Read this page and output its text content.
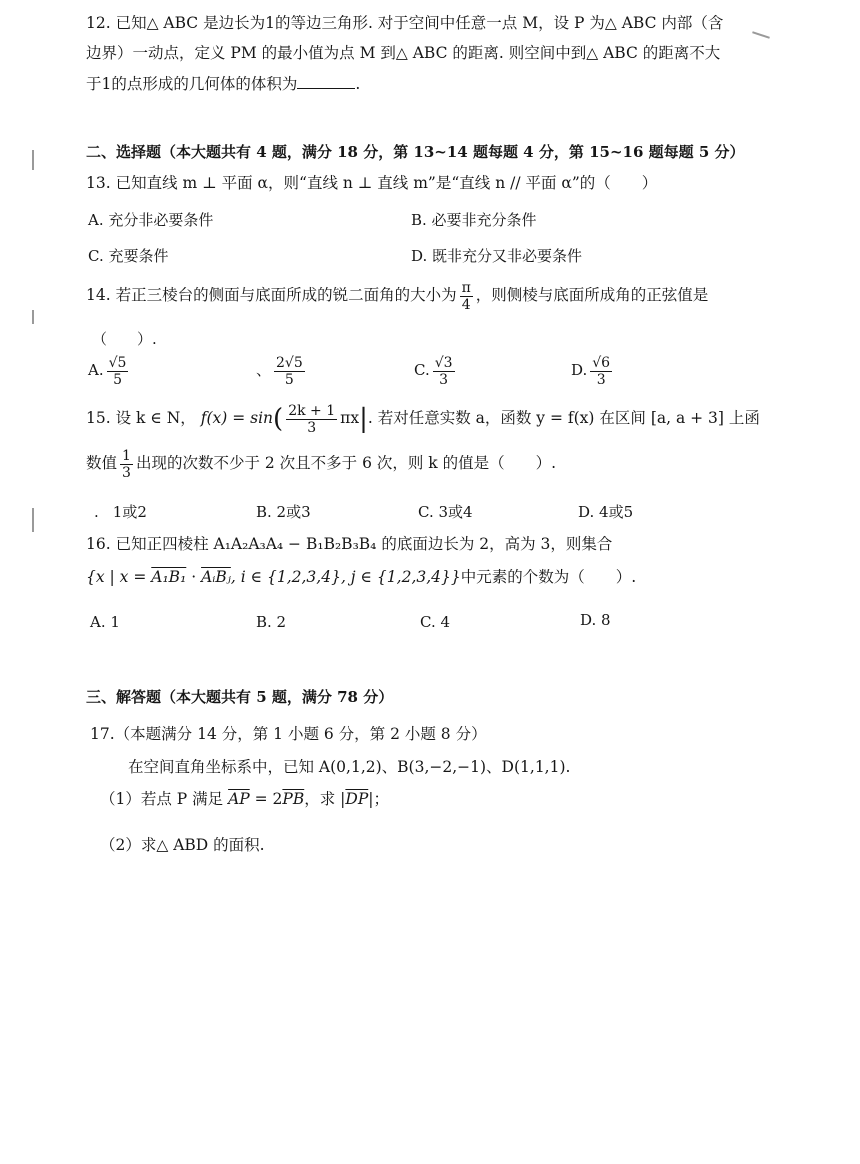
12. 已知△ ABC 是边长为1的等边三角形. 对于空间中任意一点 M，设 P 为△ ABC 内部（含
边界）一动点，定义 PM 的最小值为点 M 到△ ABC 的距离. 则空间中到△ ABC 的距离不大
于1的点形成的几何体的体积为	.
二、选择题（本大题共有 4 题，满分 18 分，第 13~14 题每题 4 分，第 15~16 题每题 5 分）
13. 已知直线 m ⊥ 平面 α，则“直线 n ⊥ 直线 m”是“直线 n // 平面 α”的（　　）
A. 充分非必要条件	B. 必要非充分条件
C. 充要条件	D. 既非充分又非必要条件
14. 若正三棱台的侧面与底面所成的锐二面角的大小为 $\frac{\pi}{4}$ ，则侧棱与底面所成角的正弦值是
（　　）.
A. $\frac{√5}{5}$	、 $\frac{2√5}{5}$	C. $\frac{√3}{3}$	D. $\frac{√6}{3}$
15. 设 k ∈ N， $f(x) = \sin( \frac{2k + 1}{3} \pi x|$. 若对任意实数 a，函数 y = f(x) 在区间 [a, a + 3] 上函
数值 $\frac{1}{3}$ 出现的次数不少于 2 次且不多于 6 次，则 k 的值是（　　）.
. 1或2	B. 2或3	C. 3或4	D. 4或5
16. 已知正四棱柱 A₁A₂A₃A₄ − B₁B₂B₃B₄ 的底面边长为 2，高为 3，则集合
{x | x = A₁B₁ · AᵢBⱼ, i ∈ {1,2,3,4}, j ∈ {1,2,3,4}}中元素的个数为（　　）.
A. 1	B. 2	C. 4	D. 8
三、解答题（本大题共有 5 题，满分 78 分）
17.（本题满分 14 分，第 1 小题 6 分，第 2 小题 8 分）
在空间直角坐标系中，已知 A(0,1,2)、B(3,−2,−1)、D(1,1,1).
（1）若点 P 满足 $\overline{AP} = 2\overline{PB}$，求 $|\overline{DP}|$；
（2）求△ ABD 的面积.
